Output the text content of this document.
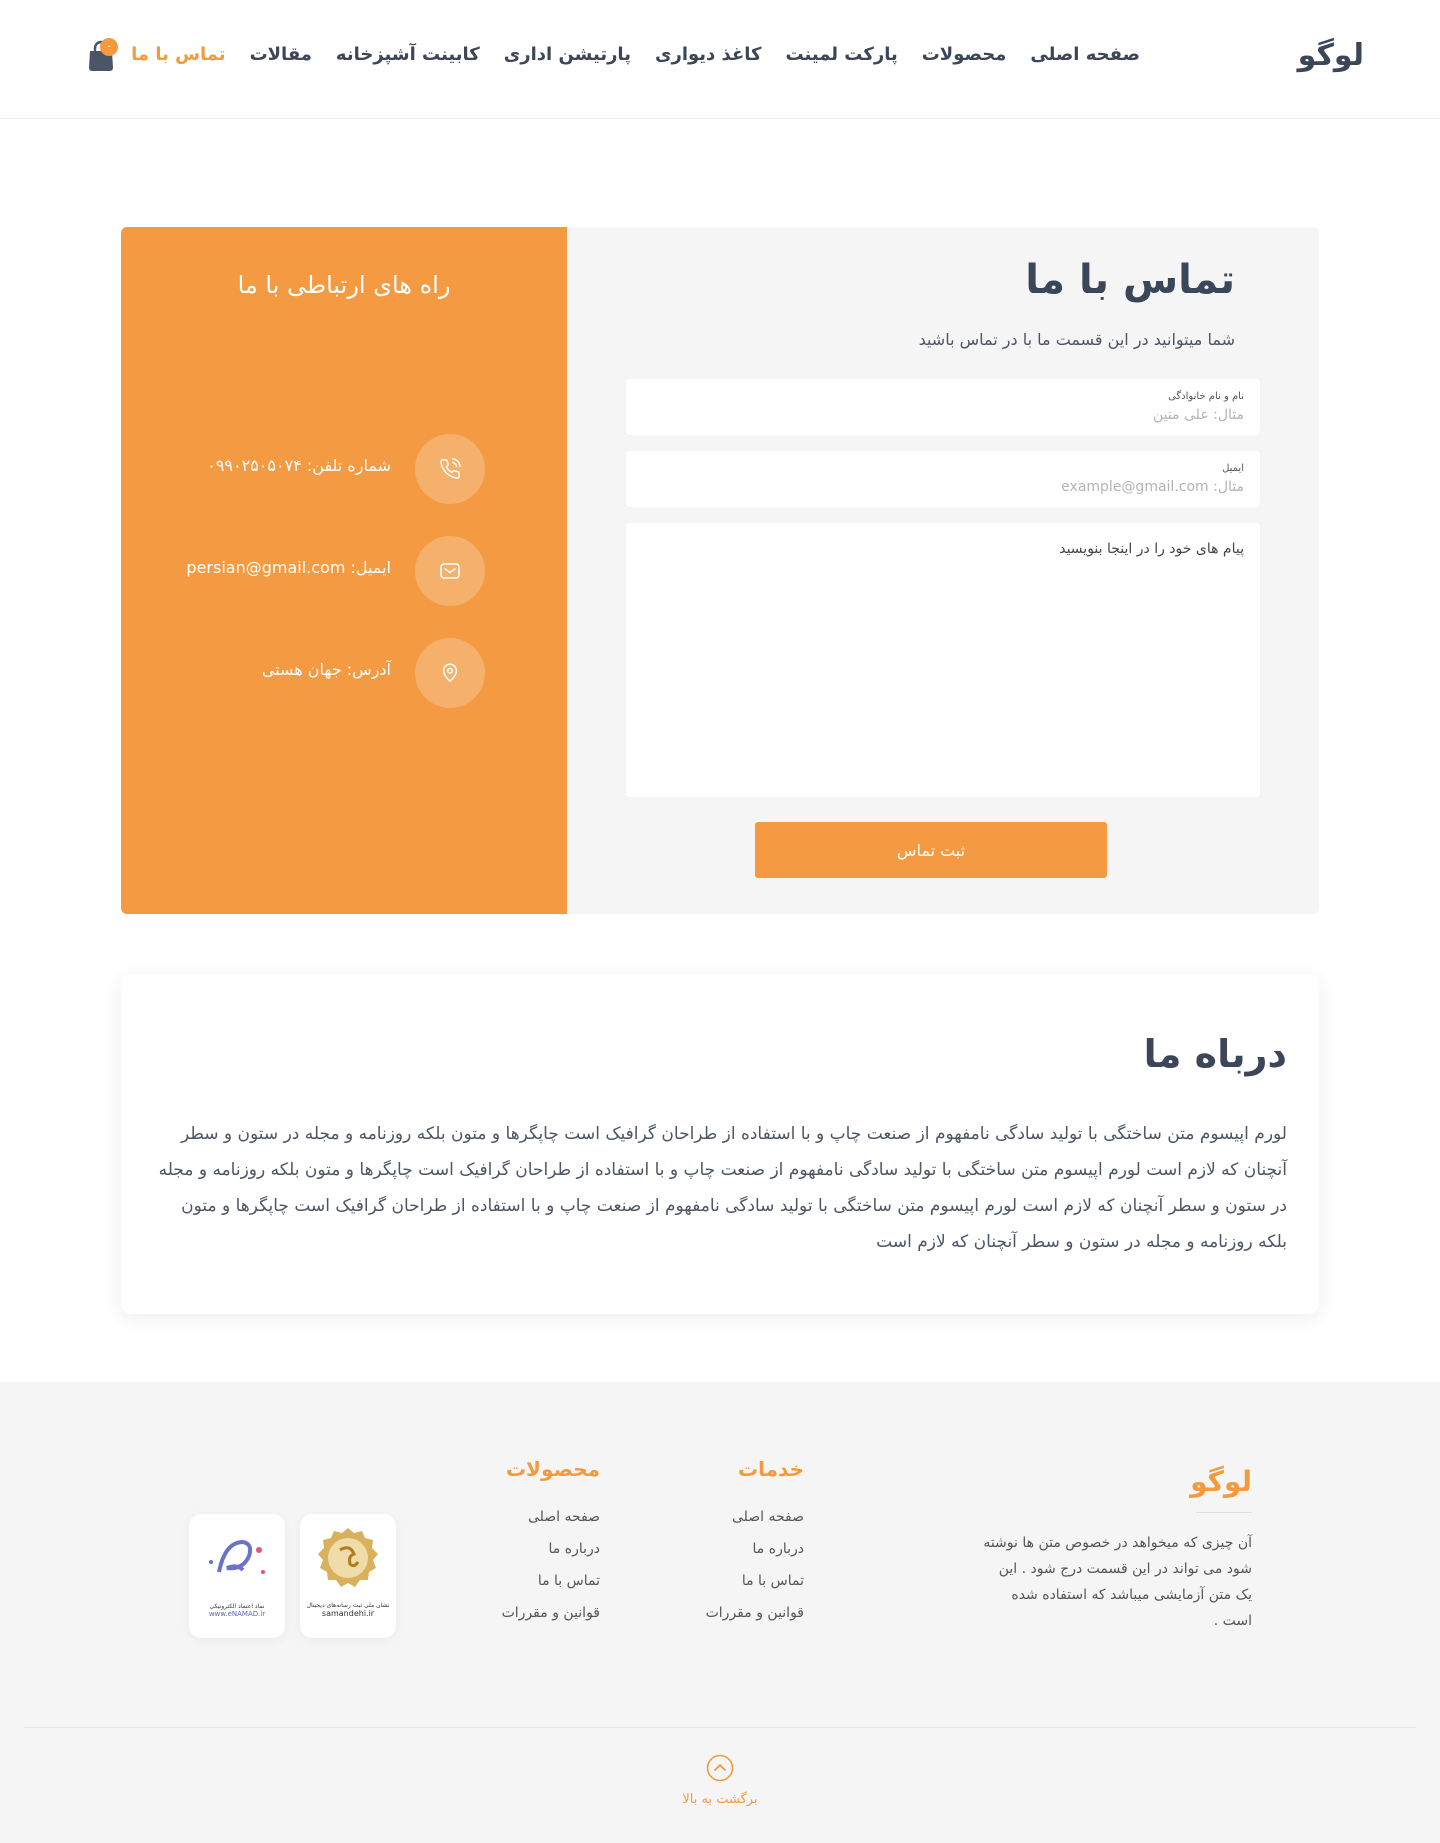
لوگو
صفحه اصلی
محصولات
پارکت لمینت
کاغذ دیواری
پارتیشن اداری
کابینت آشپزخانه
مقالات
تماس با ما
۰
راه های ارتباطی با ما
شماره تلفن: ۰۹۹۰۲۵۰۵۰۷۴
ایمیل: persian@gmail.com
آدرس: جهان هستی
تماس با ما

شما میتوانید در این قسمت ما با در تماس باشید

نام و نام خانوادگی
مثال: علی متین
ایمیل
مثال: example@gmail.com
پیام های خود را در اینجا بنویسید
ثبت تماس
درباه ما

لورم اپیسوم متن ساختگی با تولید سادگی نامفهوم از صنعت چاپ و با استفاده از طراحان گرافیک است چاپگرها و متون بلکه روزنامه و مجله در ستون و سطر آنچنان که لازم است لورم اپیسوم متن ساختگی با تولید سادگی نامفهوم از صنعت چاپ و با استفاده از طراحان گرافیک است چاپگرها و متون بلکه روزنامه و مجله در ستون و سطر آنچنان که لازم است لورم اپیسوم متن ساختگی با تولید سادگی نامفهوم از صنعت چاپ و با استفاده از طراحان گرافیک است چاپگرها و متون بلکه روزنامه و مجله در ستون و سطر آنچنان که لازم است

لوگو

آن چیزی که میخواهد در خصوص متن ها نوشته شود می تواند در این قسمت درج شود . این یک متن آزمایشی میباشد که استفاده شده است .

خدمات
صفحه اصلی
درباره ما
تماس با ما
قوانین و مقررات
محصولات
صفحه اصلی
درباره ما
تماس با ما
قوانین و مقررات
نشان ملی ثبت رسانه‌های دیجیتال
samandehi.ir
نماد اعتماد الکترونیکی
www.eNAMAD.ir
برگشت به بالا
